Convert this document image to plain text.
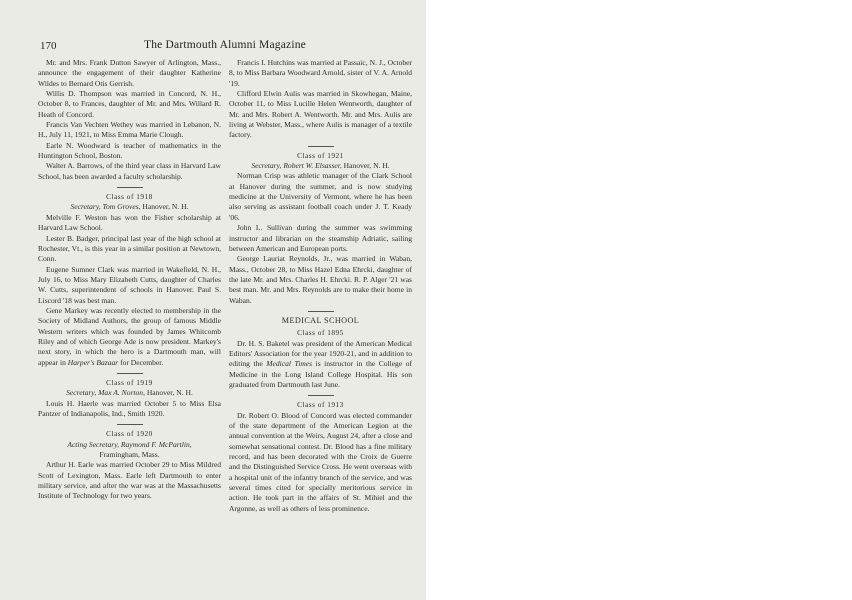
170	The Dartmouth Alumni Magazine

Mr. and Mrs. Frank Dutton Sawyer of Arlington, Mass., announce the engagement of their daughter Katherine Wildes to Bernard Otis Gerrish.

Willis D. Thompson was married in Concord, N. H., October 8, to Frances, daughter of Mr. and Mrs. Willard R. Heath of Concord.

Francis Van Vechten Wethey was married in Lebanon, N. H., July 11, 1921, to Miss Emma Marie Clough.

Earle N. Woodward is teacher of mathematics in the Huntington School, Boston.

Walter A. Barrows, of the third year class in Harvard Law School, has been awarded a faculty scholarship.

Class of 1918
Secretary, Tom Groves, Hanover, N. H.

Melville F. Weston has won the Fisher scholarship at Harvard Law School.

Lester B. Badger, principal last year of the high school at Rochester, Vt., is this year in a similar position at Newtown, Conn.

Eugene Sumner Clark was married in Wakefield, N. H., July 16, to Miss Mary Elizabeth Cutts, daughter of Charles W. Cutts, superintendent of schools in Hanover. Paul S. Liscord '18 was best man.

Gene Markey was recently elected to membership in the Society of Midland Authors, the group of famous Middle Western writers which was founded by James Whitcomb Riley and of which George Ade is now president. Markey's next story, in which the hero is a Dartmouth man, will appear in Harper's Bazaar for December.

Class of 1919
Secretary, Max A. Norton, Hanover, N. H.

Louis H. Haerle was married October 5 to Miss Elsa Pantzer of Indianapolis, Ind., Smith 1920.

Class of 1920
Acting Secretary, Raymond F. McPartlin,
Framingham, Mass.

Arthur H. Earle was married October 29 to Miss Mildred Scott of Lexington, Mass. Earle left Dartmouth to enter military service, and after the war was at the Massachusetts Institute of Technology for two years.

Francis I. Hutchins was married at Passaic, N. J., October 8, to Miss Barbara Woodward Arnold, sister of V. A. Arnold '19.

Clifford Elwin Aulis was married in Skowhegan, Maine, October 11, to Miss Lucille Helen Wentworth, daughter of Mr. and Mrs. Robert A. Wentworth. Mr. and Mrs. Aulis are living at Webster, Mass., where Aulis is manager of a textile factory.

Class of 1921
Secretary, Robert W. Elsasser, Hanover, N. H.

Norman Crisp was athletic manager of the Clark School at Hanover during the summer, and is now studying medicine at the University of Vermont, where he has been also serving as assistant football coach under J. T. Keady '06.

John L. Sullivan during the summer was swimming instructor and librarian on the steamship Adriatic, sailing between American and European ports.

George Lauriat Reynolds, Jr., was married in Waban, Mass., October 28, to Miss Hazel Edna Ehrcki, daughter of the late Mr. and Mrs. Charles H. Ehrcki. R. P. Alger '21 was best man. Mr. and Mrs. Reynolds are to make their home in Waban.

MEDICAL SCHOOL
Class of 1895

Dr. H. S. Baketel was president of the American Medical Editors' Association for the year 1920-21, and in addition to editing the Medical Times is instructor in the College of Medicine in the Long Island College Hospital. His son graduated from Dartmouth last June.

Class of 1913

Dr. Robert O. Blood of Concord was elected commander of the state department of the American Legion at the annual convention at the Weirs, August 24, after a close and somewhat sensational contest. Dr. Blood has a fine military record, and has been decorated with the Croix de Guerre and the Distinguished Service Cross. He went overseas with a hospital unit of the infantry branch of the service, and was several times cited for specially meritorious service in action. He took part in the affairs of St. Mihiel and the Argonne, as well as others of less prominence.
